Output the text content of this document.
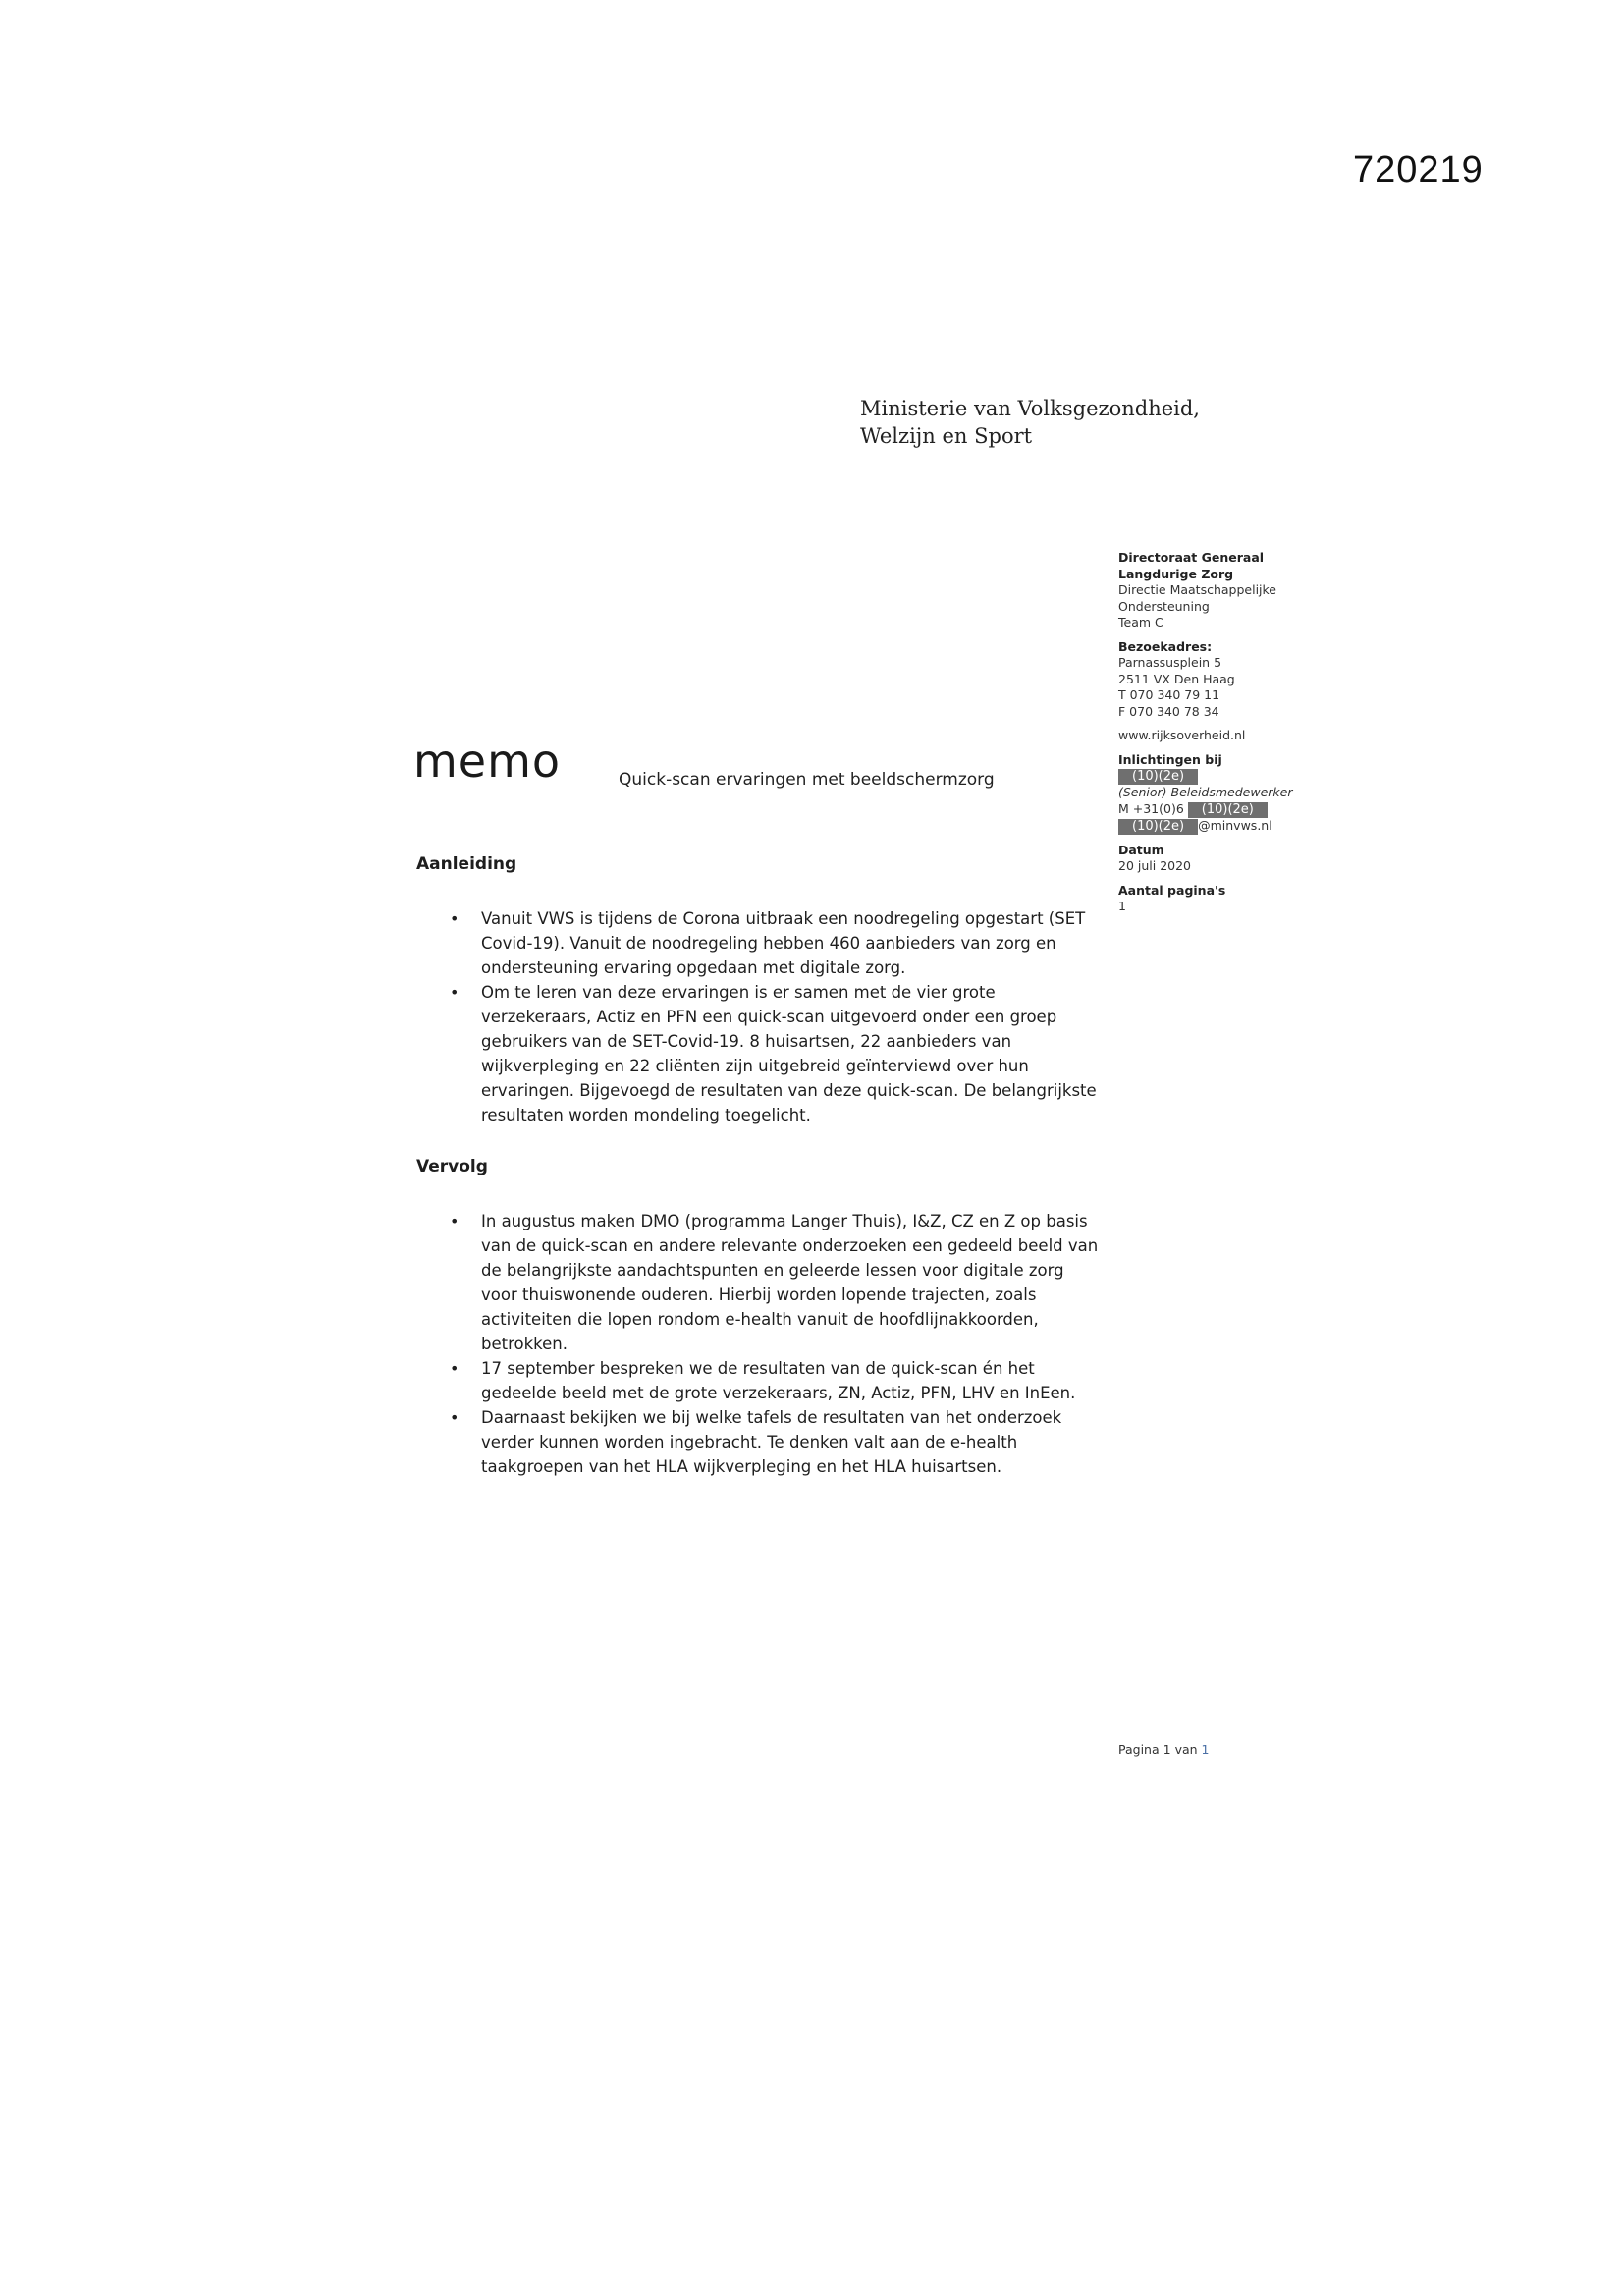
720219
Ministerie van Volksgezondheid,
Welzijn en Sport
Directoraat Generaal
Langdurige Zorg
Directie Maatschappelijke
Ondersteuning
Team C
Bezoekadres:
Parnassusplein 5
2511 VX Den Haag
T 070 340 79 11
F 070 340 78 34
www.rijksoverheid.nl
Inlichtingen bij
(10)(2e)
(Senior) Beleidsmedewerker
M +31(0)6 (10)(2e)
(10)(2e) @minvws.nl
Datum
20 juli 2020
Aantal pagina's
1
memo	Quick-scan ervaringen met beeldschermzorg
Aanleiding
• Vanuit VWS is tijdens de Corona uitbraak een noodregeling opgestart (SET Covid-19). Vanuit de noodregeling hebben 460 aanbieders van zorg en ondersteuning ervaring opgedaan met digitale zorg.
• Om te leren van deze ervaringen is er samen met de vier grote verzekeraars, Actiz en PFN een quick-scan uitgevoerd onder een groep gebruikers van de SET-Covid-19. 8 huisartsen, 22 aanbieders van wijkverpleging en 22 cliënten zijn uitgebreid geïnterviewd over hun ervaringen. Bijgevoegd de resultaten van deze quick-scan. De belangrijkste resultaten worden mondeling toegelicht.
Vervolg
• In augustus maken DMO (programma Langer Thuis), I&Z, CZ en Z op basis van de quick-scan en andere relevante onderzoeken een gedeeld beeld van de belangrijkste aandachtspunten en geleerde lessen voor digitale zorg voor thuiswonende ouderen. Hierbij worden lopende trajecten, zoals activiteiten die lopen rondom e-health vanuit de hoofdlijnakkoorden, betrokken.
• 17 september bespreken we de resultaten van de quick-scan én het gedeelde beeld met de grote verzekeraars, ZN, Actiz, PFN, LHV en InEen.
• Daarnaast bekijken we bij welke tafels de resultaten van het onderzoek verder kunnen worden ingebracht. Te denken valt aan de e-health taakgroepen van het HLA wijkverpleging en het HLA huisartsen.
Pagina 1 van 1
